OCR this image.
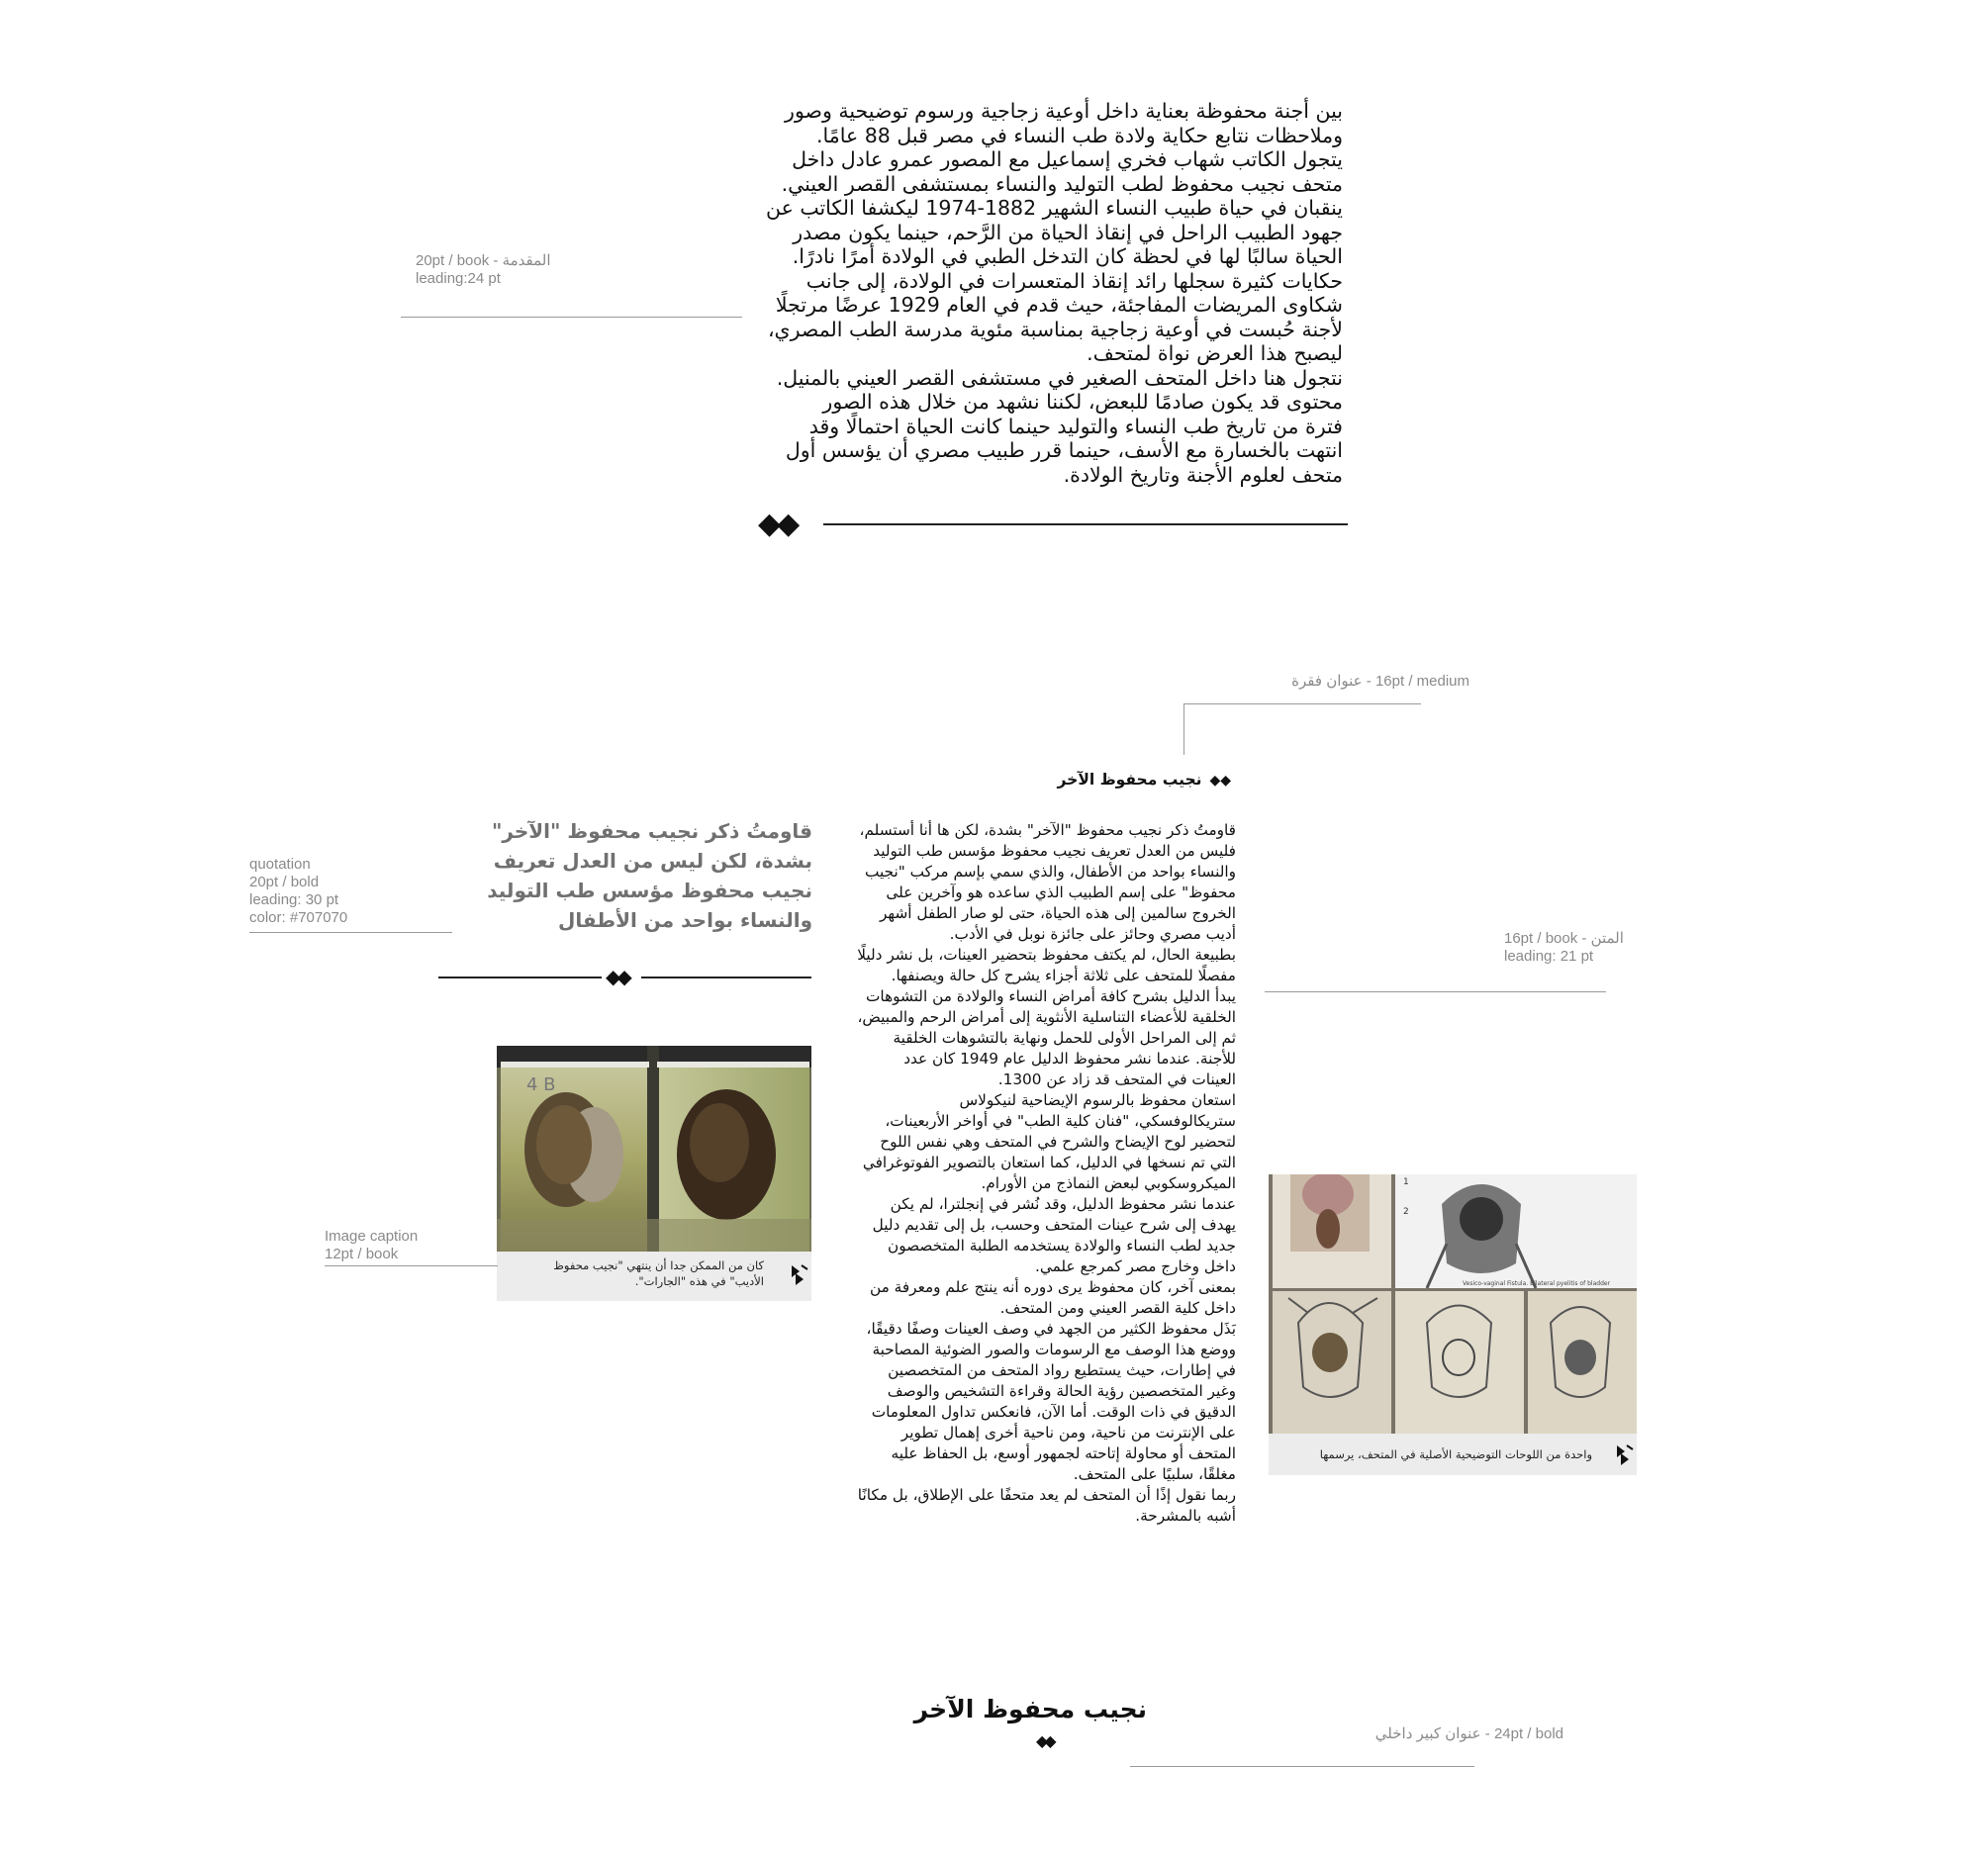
20pt / book - المقدمة
leading:24 pt

بين أجنة محفوظة بعناية داخل أوعية زجاجية ورسوم توضيحية وصور

وملاحظات نتابع حكاية ولادة طب النساء في مصر قبل 88 عامًا.

يتجول الكاتب شهاب فخري إسماعيل مع المصور عمرو عادل داخل

متحف نجيب محفوظ لطب التوليد والنساء بمستشفى القصر العيني.

ينقبان في حياة طبيب النساء الشهير 1882-1974 ليكشفا الكاتب عن

جهود الطبيب الراحل في إنقاذ الحياة من الرَّحم، حينما يكون مصدر

الحياة سالبًا لها في لحظة كان التدخل الطبي في الولادة أمرًا نادرًا.

حكايات كثيرة سجلها رائد إنقاذ المتعسرات في الولادة، إلى جانب

شكاوى المريضات المفاجئة، حيث قدم في العام 1929 عرضًا مرتجلًا

لأجنة حُبست في أوعية زجاجية بمناسبة مئوية مدرسة الطب المصري،

ليصبح هذا العرض نواة لمتحف.

نتجول هنا داخل المتحف الصغير في مستشفى القصر العيني بالمنيل.

محتوى قد يكون صادمًا للبعض، لكننا نشهد من خلال هذه الصور

فترة من تاريخ طب النساء والتوليد حينما كانت الحياة احتمالًا وقد

انتهت بالخسارة مع الأسف، حينما قرر طبيب مصري أن يؤسس أول

متحف لعلوم الأجنة وتاريخ الولادة.

◆◆
16pt / medium - عنوان فقرة
◆◆نجيب محفوظ الآخر
quotation
20pt / bold
leading: 30 pt
color: #707070
قاومتُ ذكر نجيب محفوظ "الآخر" بشدة، لكن ليس من العدل تعريف نجيب محفوظ مؤسس طب التوليد والنساء بواحد من الأطفال
◆◆
4 B
كان من الممكن جدا أن ينتهي "نجيب محفوظ الأديب" في هذه "الجارات".
Image caption
12pt / book

قاومتُ ذكر نجيب محفوظ "الآخر" بشدة، لكن ها أنا أستسلم، فليس من العدل تعريف نجيب محفوظ مؤسس طب التوليد والنساء بواحد من الأطفال، والذي سمي بإسم مركب "نجيب محفوظ" على إسم الطبيب الذي ساعده هو وآخرين على الخروج سالمين إلى هذه الحياة، حتى لو صار الطفل أشهر أديب مصري وحائز على جائزة نوبل في الأدب.

بطبيعة الحال، لم يكتف محفوظ بتحضير العينات، بل نشر دليلًا مفصلًا للمتحف على ثلاثة أجزاء يشرح كل حالة ويصنفها.

يبدأ الدليل بشرح كافة أمراض النساء والولادة من التشوهات الخلقية للأعضاء التناسلية الأنثوية إلى أمراض الرحم والمبيض، ثم إلى المراحل الأولى للحمل ونهاية بالتشوهات الخلقية للأجنة. عندما نشر محفوظ الدليل عام 1949 كان عدد العينات في المتحف قد زاد عن 1300.

استعان محفوظ بالرسوم الإيضاحية لنيكولاس ستريكالوفسكي، "فنان كلية الطب" في أواخر الأربعينات، لتحضير لوح الإيضاح والشرح في المتحف وهي نفس اللوح التي تم نسخها في الدليل، كما استعان بالتصوير الفوتوغرافي الميكروسكوبي لبعض النماذج من الأورام.

عندما نشر محفوظ الدليل، وقد نُشر في إنجلترا، لم يكن يهدف إلى شرح عينات المتحف وحسب، بل إلى تقديم دليل جديد لطب النساء والولادة يستخدمه الطلبة المتخصصون داخل وخارج مصر كمرجع علمي.

بمعنى آخر، كان محفوظ يرى دوره أنه ينتج علم ومعرفة من داخل كلية القصر العيني ومن المتحف.

بَذَل محفوظ الكثير من الجهد في وصف العينات وصفًا دقيقًا، ووضع هذا الوصف مع الرسومات والصور الضوئية المصاحبة في إطارات، حيث يستطيع رواد المتحف من المتخصصين وغير المتخصصين رؤية الحالة وقراءة التشخيص والوصف الدقيق في ذات الوقت. أما الآن، فانعكس تداول المعلومات على الإنترنت من ناحية، ومن ناحية أخرى إهمال تطوير المتحف أو محاولة إتاحته لجمهور أوسع، بل الحفاظ عليه مغلقًا، سلبيًا على المتحف.

ربما نقول إذًا أن المتحف لم يعد متحفًا على الإطلاق، بل مكانًا أشبه بالمشرحة.

16pt / book - المتن
leading: 21 pt
1
2
Vesico-vaginal Fistula. Bilateral pyelitis of bladder
واحدة من اللوحات التوضيحية الأصلية في المتحف، يرسمها
نجيب محفوظ الآخر
◆◆	24pt / bold - عنوان كبير داخلي
